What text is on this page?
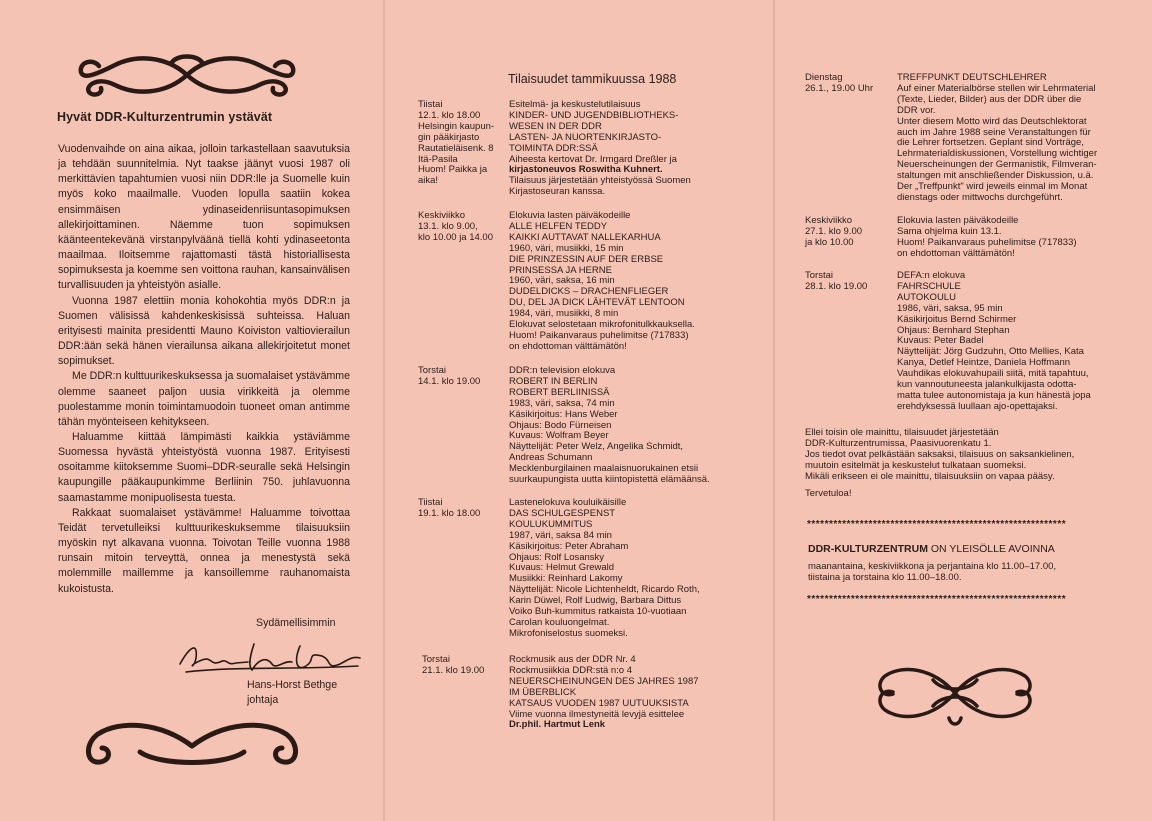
Hyvät DDR-Kulturzentrumin ystävät

Vuodenvaihde on aina aikaa, jolloin tarkastellaan saavutuksia ja tehdään suunnitelmia. Nyt taakse jäänyt vuosi 1987 oli merkittävien tapahtumien vuosi niin DDR:lle ja Suomelle kuin myös koko maailmalle. Vuoden lopulla saatiin kokea ensimmäisen ydinaseidenriisuntasopimuksen allekirjoittaminen. Näemme tuon sopimuksen käänteentekevänä virstanpylväänä tiellä kohti ydinaseetonta maailmaa. Iloitsemme rajattomasti tästä historiallisesta sopimuksesta ja koemme sen voittona rauhan, kansainvälisen turvallisuuden ja yhteistyön asialle.

Vuonna 1987 elettiin monia kohokohtia myös DDR:n ja Suomen välisissä kahdenkeskisissä suhteissa. Haluan erityisesti mainita presidentti Mauno Koiviston valtiovierailun DDR:ään sekä hänen vierailunsa aikana allekirjoitetut monet sopimukset.

Me DDR:n kulttuurikeskuksessa ja suomalaiset ystävämme olemme saaneet paljon uusia virikkeitä ja olemme puolestamme monin toimintamuodoin tuoneet oman antimme tähän myönteiseen kehitykseen.

Haluamme kiittää lämpimästi kaikkia ystäviämme Suomessa hyvästä yhteistyöstä vuonna 1987. Erityisesti osoitamme kiitoksemme Suomi–DDR-seuralle sekä Helsingin kaupungille pääkaupunkimme Berliinin 750. juhlavuonna saamastamme monipuolisesta tuesta.

Rakkaat suomalaiset ystävämme! Haluamme toivottaa Teidät tervetulleiksi kulttuurikeskuksemme tilaisuuksiin myöskin nyt alkavana vuonna. Toivotan Teille vuonna 1988 runsain mitoin terveyttä, onnea ja menestystä sekä molemmille maillemme ja kansoillemme rauhanomaista kukoistusta.

Sydämellisimmin
Hans-Horst Bethge
johtaja
Tilaisuudet tammikuussa 1988
Tiistai
12.1. klo 18.00
Helsingin kaupun-
gin pääkirjasto
Rautatieläisenk. 8
Itä-Pasila
Huom! Paikka ja
aika!
Esitelmä- ja keskustelutilaisuus
KINDER- UND JUGENDBIBLIOTHEKS-
WESEN IN DER DDR
LASTEN- JA NUORTENKIRJASTO-
TOIMINTA DDR:SSÄ
Aiheesta kertovat Dr. Irmgard Dreßler ja
kirjastoneuvos Roswitha Kuhnert.
Tilaisuus järjestetään yhteistyössä Suomen
Kirjastoseuran kanssa.
Keskiviikko
13.1. klo 9.00,
klo 10.00 ja 14.00
Elokuvia lasten päiväkodeille
ALLE HELFEN TEDDY
KAIKKI AUTTAVAT NALLEKARHUA
1960, väri, musiikki, 15 min
DIE PRINZESSIN AUF DER ERBSE
PRINSESSA JA HERNE
1960, väri, saksa, 16 min
DUDELDICKS – DRACHENFLIEGER
DU, DEL JA DICK LÄHTEVÄT LENTOON
1984, väri, musiikki, 8 min
Elokuvat selostetaan mikrofonitulkkauksella.
Huom! Paikanvaraus puhelimitse (717833)
on ehdottoman välttämätön!
Torstai
14.1. klo 19.00
DDR:n television elokuva
ROBERT IN BERLIN
ROBERT BERLIINISSÄ
1983, väri, saksa, 74 min
Käsikirjoitus: Hans Weber
Ohjaus: Bodo Fürneisen
Kuvaus: Wolfram Beyer
Näyttelijät: Peter Welz, Angelika Schmidt,
Andreas Schumann
Mecklenburgilainen maalaisnuorukainen etsii
suurkaupungista uutta kiintopistettä elämäänsä.
Tiistai
19.1. klo 18.00
Lastenelokuva kouluikäisille
DAS SCHULGESPENST
KOULUKUMMITUS
1987, väri, saksa 84 min
Käsikirjoitus: Peter Abraham
Ohjaus: Rolf Losansky
Kuvaus: Helmut Grewald
Musiikki: Reinhard Lakomy
Näyttelijät: Nicole Lichtenheldt, Ricardo Roth,
Karin Düwel, Rolf Ludwig, Barbara Dittus
Voiko Buh-kummitus ratkaista 10-vuotiaan
Carolan kouluongelmat.
Mikrofoniselostus suomeksi.
Torstai
21.1. klo 19.00
Rockmusik aus der DDR Nr. 4
Rockmusiikkia DDR:stä n:o 4
NEUERSCHEINUNGEN DES JAHRES 1987
IM ÜBERBLICK
KATSAUS VUODEN 1987 UUTUUKSISTA
Viime vuonna ilmestyneitä levyjä esittelee
Dr.phil. Hartmut Lenk
Dienstag
26.1., 19.00 Uhr
TREFFPUNKT DEUTSCHLEHRER
Auf einer Materialbörse stellen wir Lehrmaterial
(Texte, Lieder, Bilder) aus der DDR über die
DDR vor.
Unter diesem Motto wird das Deutschlektorat
auch im Jahre 1988 seine Veranstaltungen für
die Lehrer fortsetzen. Geplant sind Vorträge,
Lehrmaterialdiskussionen, Vorstellung wichtiger
Neuerscheinungen der Germanistik, Filmveran-
staltungen mit anschließender Diskussion, u.ä.
Der „Treffpunkt" wird jeweils einmal im Monat
dienstags oder mittwochs durchgeführt.
Keskiviikko
27.1. klo 9.00
ja klo 10.00
Elokuvia lasten päiväkodeille
Sama ohjelma kuin 13.1.
Huom! Paikanvaraus puhelimitse (717833)
on ehdottoman välttämätön!
Torstai
28.1. klo 19.00
DEFA:n elokuva
FAHRSCHULE
AUTOKOULU
1986, väri, saksa, 95 min
Käsikirjoitus Bernd Schirmer
Ohjaus: Bernhard Stephan
Kuvaus: Peter Badel
Näyttelijät: Jörg Gudzuhn, Otto Mellies, Kata
Kanya, Detlef Heintze, Daniela Hoffmann
Vauhdikas elokuvahupaili siitä, mitä tapahtuu,
kun vannoutuneesta jalankulkijasta odotta-
matta tulee autonomistaja ja kun hänestä jopa
erehdyksessä luullaan ajo-opettajaksi.
Ellei toisin ole mainittu, tilaisuudet järjestetään
DDR-Kulturzentrumissa, Paasivuorenkatu 1.
Jos tiedot ovat pelkästään saksaksi, tilaisuus on saksankielinen,
muutoin esitelmät ja keskustelut tulkataan suomeksi.
Mikäli erikseen ei ole mainittu, tilaisuuksiin on vapaa pääsy.
Tervetuloa!
***********************************************************
DDR-KULTURZENTRUM ON YLEISÖLLE AVOINNA
maanantaina, keskiviikkona ja perjantaina klo 11.00–17.00,
tiistaina ja torstaina klo 11.00–18.00.
***********************************************************
